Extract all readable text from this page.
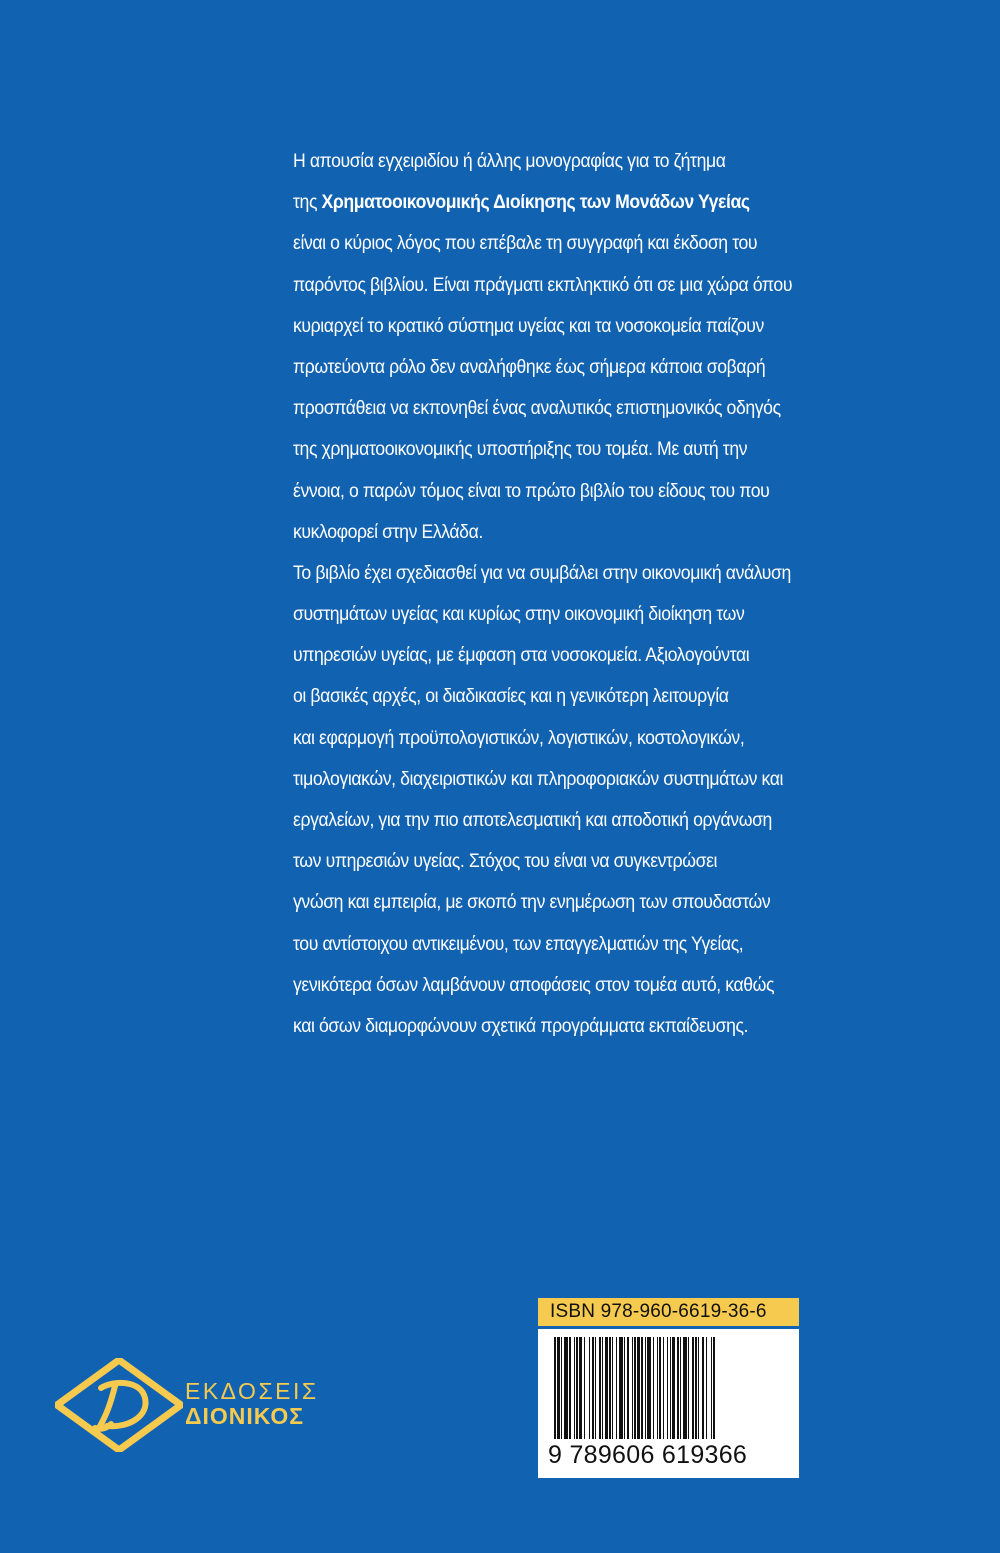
Η απουσία εγχειριδίου ή άλλης μονογραφίας για το ζήτημα
της Χρηματοοικονομικής Διοίκησης των Μονάδων Υγείας
είναι ο κύριος λόγος που επέβαλε τη συγγραφή και έκδοση του
παρόντος βιβλίου. Είναι πράγματι εκπληκτικό ότι σε μια χώρα όπου
κυριαρχεί το κρατικό σύστημα υγείας και τα νοσοκομεία παίζουν
πρωτεύοντα ρόλο δεν αναλήφθηκε έως σήμερα κάποια σοβαρή
προσπάθεια να εκπονηθεί ένας αναλυτικός επιστημονικός οδηγός
της χρηματοοικονομικής υποστήριξης του τομέα. Με αυτή την
έννοια, ο παρών τόμος είναι το πρώτο βιβλίο του είδους του που
κυκλοφορεί στην Ελλάδα.
Το βιβλίο έχει σχεδιασθεί για να συμβάλει στην οικονομική ανάλυση
συστημάτων υγείας και κυρίως στην οικονομική διοίκηση των
υπηρεσιών υγείας, με έμφαση στα νοσοκομεία. Αξιολογούνται
οι βασικές αρχές, οι διαδικασίες και η γενικότερη λειτουργία
και εφαρμογή προϋπολογιστικών, λογιστικών, κοστολογικών,
τιμολογιακών, διαχειριστικών και πληροφοριακών συστημάτων και
εργαλείων, για την πιο αποτελεσματική και αποδοτική οργάνωση
των υπηρεσιών υγείας. Στόχος του είναι να συγκεντρώσει
γνώση και εμπειρία, με σκοπό την ενημέρωση των σπουδαστών
του αντίστοιχου αντικειμένου, των επαγγελματιών της Υγείας,
γενικότερα όσων λαμβάνουν αποφάσεις στον τομέα αυτό, καθώς
και όσων διαμορφώνουν σχετικά προγράμματα εκπαίδευσης.
ΕΚΔΟΣΕΙΣ
ΔΙΟΝΙΚΟΣ
ISBN 978-960-6619-36-6
9 789606 619366
